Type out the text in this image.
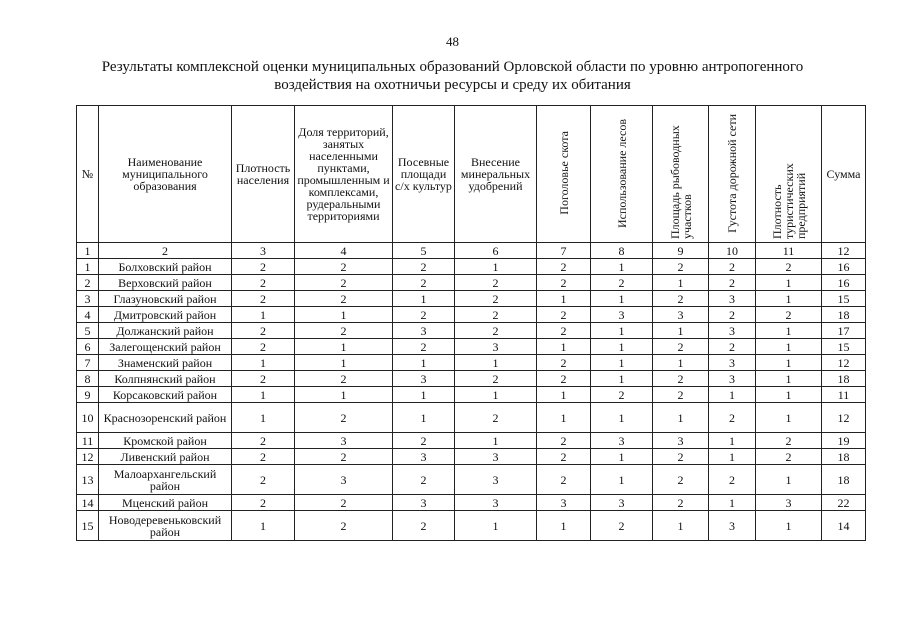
48
Результаты комплексной оценки муниципальных образований Орловской области по уровню антропогенного
воздействия на охотничьи ресурсы и среду их обитания
№	Наименование муниципального образования	Плотность населения	Доля территорий, занятых населенными пунктами, промышленным и комплексами, рудеральными территориями	Посевные площади с/х культур	Внесение минеральных удобрений	Поголовье скота	Использование лесов	Площадь рыбоводных участков	Густота дорожной сети	Плотность туристических предприятий	Сумма
1	2	3	4	5	6	7	8	9	10	11	12
1	Болховский район	2	2	2	1	2	1	2	2	2	16
2	Верховский район	2	2	2	2	2	2	1	2	1	16
3	Глазуновский район	2	2	1	2	1	1	2	3	1	15
4	Дмитровский район	1	1	2	2	2	3	3	2	2	18
5	Должанский район	2	2	3	2	2	1	1	3	1	17
6	Залегощенский район	2	1	2	3	1	1	2	2	1	15
7	Знаменский район	1	1	1	1	2	1	1	3	1	12
8	Колпнянский район	2	2	3	2	2	1	2	3	1	18
9	Корсаковский район	1	1	1	1	1	2	2	1	1	11
10	Краснозоренский район	1	2	1	2	1	1	1	2	1	12
11	Кромской район	2	3	2	1	2	3	3	1	2	19
12	Ливенский район	2	2	3	3	2	1	2	1	2	18
13	Малоархангельский район	2	3	2	3	2	1	2	2	1	18
14	Мценский район	2	2	3	3	3	3	2	1	3	22
15	Новодеревеньковский район	1	2	2	1	1	2	1	3	1	14
